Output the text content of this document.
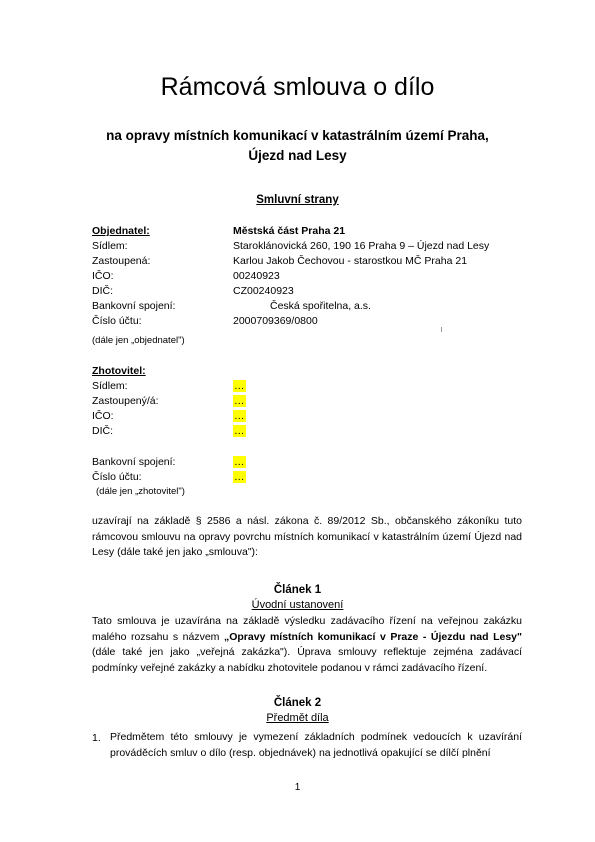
Rámcová smlouva o dílo
na opravy místních komunikací v katastrálním území Praha,
Újezd nad Lesy
Smluvní strany
Objednatel:	Městská část Praha 21
Sídlem:	Staroklánovická 260, 190 16 Praha 9 – Újezd nad Lesy
Zastoupená:	Karlou Jakob Čechovou - starostkou MČ Praha 21
IČO:	00240923
DIČ:	CZ00240923
Bankovní spojení:	Česká spořitelna, a.s.
Číslo účtu:	2000709369/0800
(dále jen „objednatel")
Zhotovitel:
Sídlem:	…
Zastoupený/á:	…
IČO:	…
DIČ:	…
Bankovní spojení:	…
Číslo účtu:	…
(dále jen „zhotovitel")
uzavírají na základě § 2586 a násl. zákona č. 89/2012 Sb., občanského zákoníku tuto rámcovou smlouvu na opravy povrchu místních komunikací v katastrálním území Újezd nad Lesy (dále také jen jako „smlouva"):
Článek 1
Úvodní ustanovení
Tato smlouva je uzavírána na základě výsledku zadávacího řízení na veřejnou zakázku malého rozsahu s názvem „Opravy místních komunikací v Praze - Újezdu nad Lesy" (dále také jen jako „veřejná zakázka"). Úprava smlouvy reflektuje zejména zadávací podmínky veřejné zakázky a nabídku zhotovitele podanou v rámci zadávacího řízení.
Článek 2
Předmět díla
1. Předmětem této smlouvy je vymezení základních podmínek vedoucích k uzavírání prováděcích smluv o dílo (resp. objednávek) na jednotlivá opakující se dílčí plnění
1
